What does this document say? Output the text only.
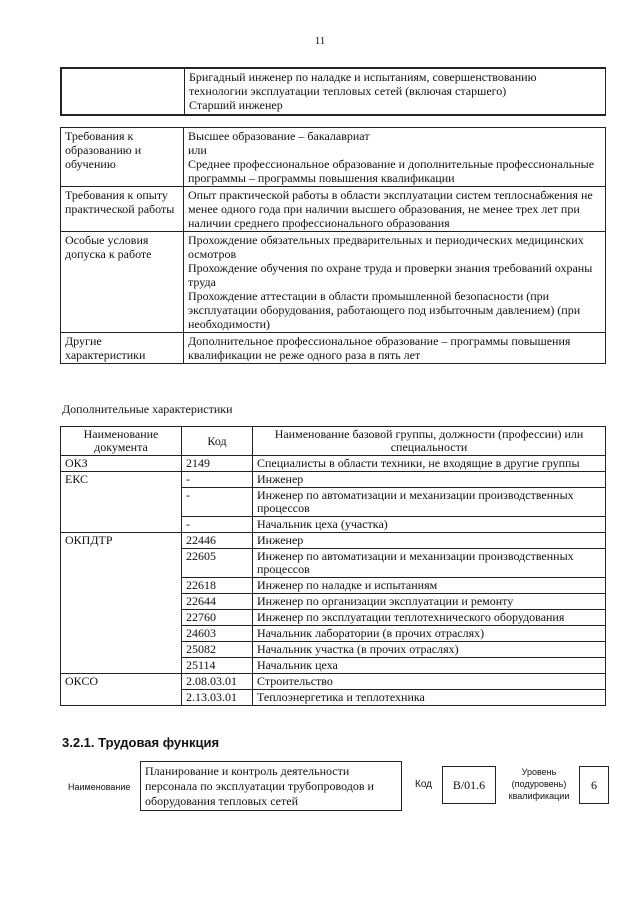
11

Бригадный инженер по наладке и испытаниям, совершенствованию
технологии эксплуатации тепловых сетей (включая старшего)
Старший инженер
Требования к образованию и обучению	Высшее образование – бакалавриат
или
Среднее профессиональное образование и дополнительные профессиональные программы – программы повышения квалификации

Требования к опыту практической работы	Опыт практической работы в области эксплуатации систем теплоснабжения не менее одного года при наличии высшего образования, не менее трех лет при наличии среднего профессионального образования

Особые условия допуска к работе	Прохождение обязательных предварительных и периодических медицинских осмотров
Прохождение обучения по охране труда и проверки знания требований охраны труда
Прохождение аттестации в области промышленной безопасности (при эксплуатации оборудования, работающего под избыточным давлением) (при необходимости)

Другие характеристики	Дополнительное профессиональное образование – программы повышения квалификации не реже одного раза в пять лет
Дополнительные характеристики
Наименование документа	Код	Наименование базовой группы, должности (профессии) или специальности
ОКЗ	2149	Специалисты в области техники, не входящие в другие группы
ЕКС	-	Инженер
	-	Инженер по автоматизации и механизации производственных процессов
	-	Начальник цеха (участка)
ОКПДТР	22446	Инженер
	22605	Инженер по автоматизации и механизации производственных процессов
	22618	Инженер по наладке и испытаниям
	22644	Инженер по организации эксплуатации и ремонту
	22760	Инженер по эксплуатации теплотехнического оборудования
	24603	Начальник лаборатории (в прочих отраслях)
	25082	Начальник участка (в прочих отраслях)
	25114	Начальник цеха
ОКСО	2.08.03.01	Строительство
	2.13.03.01	Теплоэнергетика и теплотехника
3.2.1. Трудовая функция
Наименование
Планирование и контроль деятельности персонала по эксплуатации трубопроводов и оборудования тепловых сетей
Код	B/01.6
Уровень (подуровень) квалификации
6
